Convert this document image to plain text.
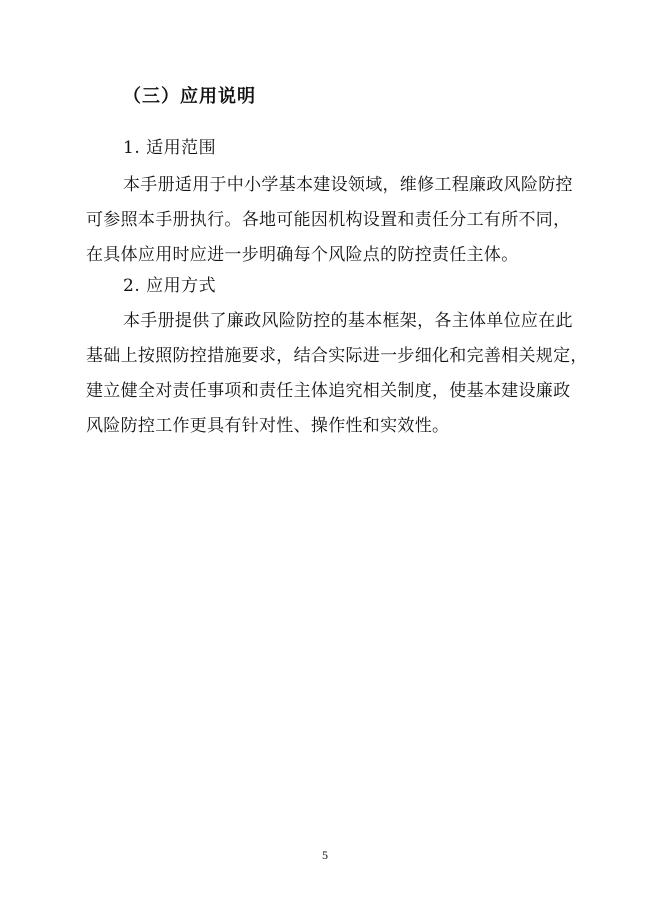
（三）应用说明
1. 适用范围
本手册适用于中小学基本建设领域，维修工程廉政风险防控
可参照本手册执行。各地可能因机构设置和责任分工有所不同，
在具体应用时应进一步明确每个风险点的防控责任主体。
2. 应用方式
本手册提供了廉政风险防控的基本框架，各主体单位应在此
基础上按照防控措施要求，结合实际进一步细化和完善相关规定，
建立健全对责任事项和责任主体追究相关制度，使基本建设廉政
风险防控工作更具有针对性、操作性和实效性。
5
